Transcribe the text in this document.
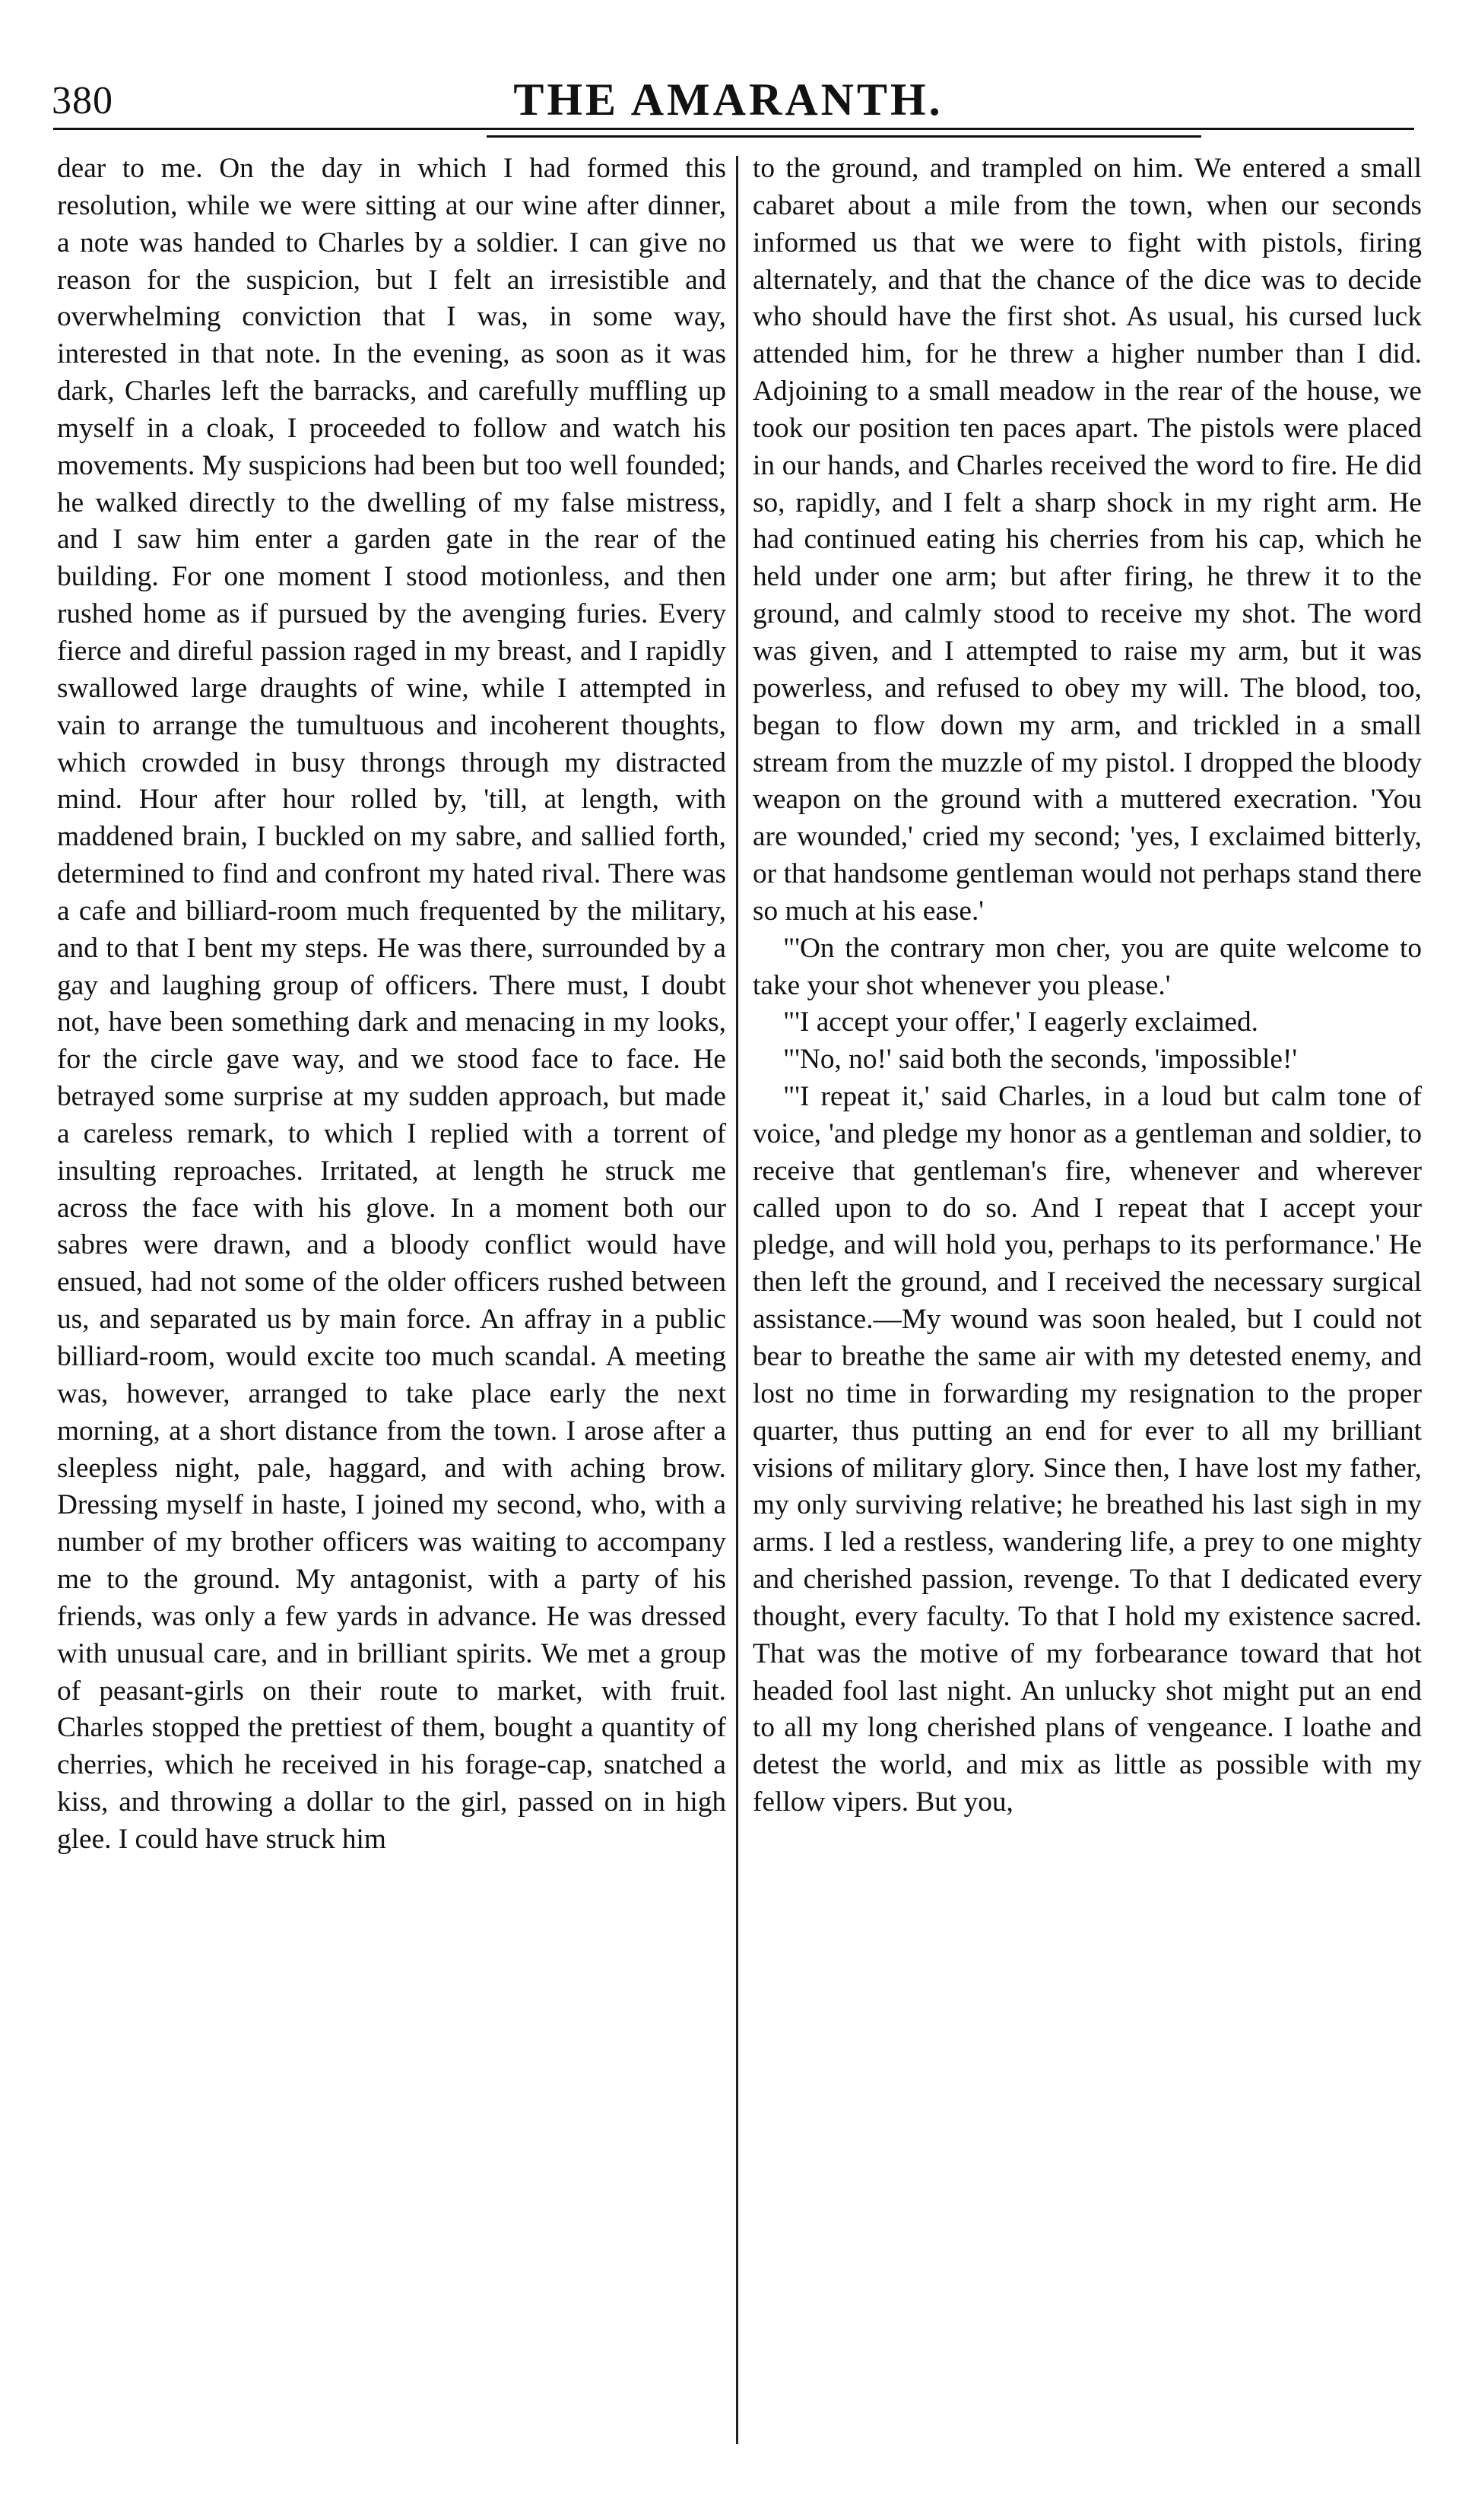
380	THE AMARANTH.

dear to me. On the day in which I had formed this resolution, while we were sitting at our wine after dinner, a note was handed to Charles by a soldier. I can give no reason for the suspicion, but I felt an irresistible and overwhelming conviction that I was, in some way, interested in that note. In the evening, as soon as it was dark, Charles left the barracks, and carefully muffling up myself in a cloak, I proceeded to follow and watch his movements. My suspicions had been but too well founded; he walked directly to the dwelling of my false mistress, and I saw him enter a garden gate in the rear of the building. For one moment I stood motionless, and then rushed home as if pursued by the avenging furies. Every fierce and direful passion raged in my breast, and I rapidly swallowed large draughts of wine, while I attempted in vain to arrange the tumultuous and incoherent thoughts, which crowded in busy throngs through my distracted mind. Hour after hour rolled by, 'till, at length, with maddened brain, I buckled on my sabre, and sallied forth, determined to find and confront my hated rival. There was a cafe and billiard-room much frequented by the military, and to that I bent my steps. He was there, surrounded by a gay and laughing group of officers. There must, I doubt not, have been something dark and menacing in my looks, for the circle gave way, and we stood face to face. He betrayed some surprise at my sudden approach, but made a careless remark, to which I replied with a torrent of insulting reproaches. Irritated, at length he struck me across the face with his glove. In a moment both our sabres were drawn, and a bloody conflict would have ensued, had not some of the older officers rushed between us, and separated us by main force. An affray in a public billiard-room, would excite too much scandal. A meeting was, however, arranged to take place early the next morning, at a short distance from the town. I arose after a sleepless night, pale, haggard, and with aching brow. Dressing myself in haste, I joined my second, who, with a number of my brother officers was waiting to accompany me to the ground. My antagonist, with a party of his friends, was only a few yards in advance. He was dressed with unusual care, and in brilliant spirits. We met a group of peasant-girls on their route to market, with fruit. Charles stopped the prettiest of them, bought a quantity of cherries, which he received in his forage-cap, snatched a kiss, and throwing a dollar to the girl, passed on in high glee. I could have struck him

to the ground, and trampled on him. We entered a small cabaret about a mile from the town, when our seconds informed us that we were to fight with pistols, firing alternately, and that the chance of the dice was to decide who should have the first shot. As usual, his cursed luck attended him, for he threw a higher number than I did. Adjoining to a small meadow in the rear of the house, we took our position ten paces apart. The pistols were placed in our hands, and Charles received the word to fire. He did so, rapidly, and I felt a sharp shock in my right arm. He had continued eating his cherries from his cap, which he held under one arm; but after firing, he threw it to the ground, and calmly stood to receive my shot. The word was given, and I attempted to raise my arm, but it was powerless, and refused to obey my will. The blood, too, began to flow down my arm, and trickled in a small stream from the muzzle of my pistol. I dropped the bloody weapon on the ground with a muttered execration. 'You are wounded,' cried my second; 'yes, I exclaimed bitterly, or that handsome gentleman would not perhaps stand there so much at his ease.'

"'On the contrary mon cher, you are quite welcome to take your shot whenever you please.'

"'I accept your offer,' I eagerly exclaimed.

"'No, no!' said both the seconds, 'impossible!'

"'I repeat it,' said Charles, in a loud but calm tone of voice, 'and pledge my honor as a gentleman and soldier, to receive that gentleman's fire, whenever and wherever called upon to do so. And I repeat that I accept your pledge, and will hold you, perhaps to its performance.' He then left the ground, and I received the necessary surgical assistance.—My wound was soon healed, but I could not bear to breathe the same air with my detested enemy, and lost no time in forwarding my resignation to the proper quarter, thus putting an end for ever to all my brilliant visions of military glory. Since then, I have lost my father, my only surviving relative; he breathed his last sigh in my arms. I led a restless, wandering life, a prey to one mighty and cherished passion, revenge. To that I dedicated every thought, every faculty. To that I hold my existence sacred. That was the motive of my forbearance toward that hot headed fool last night. An unlucky shot might put an end to all my long cherished plans of vengeance. I loathe and detest the world, and mix as little as possible with my fellow vipers. But you,
